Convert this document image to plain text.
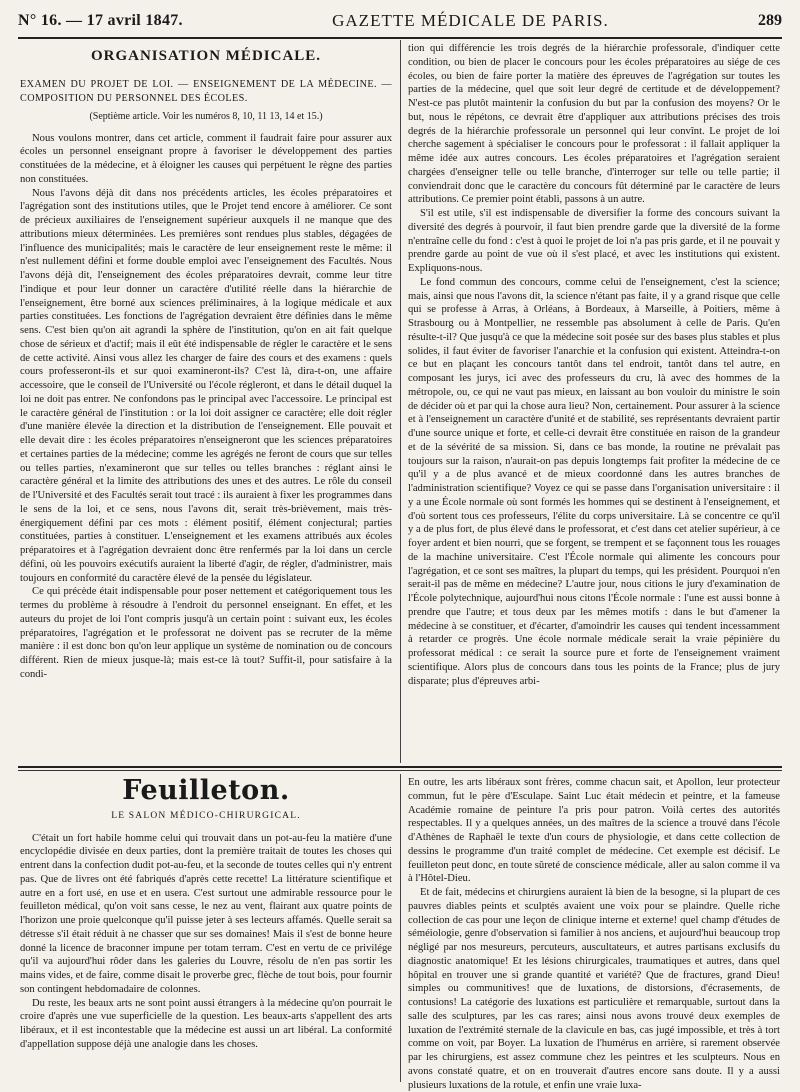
N° 16. — 17 avril 1847.	GAZETTE MÉDICALE DE PARIS.	289
ORGANISATION MÉDICALE.
EXAMEN DU PROJET DE LOI. — ENSEIGNEMENT DE LA MÉDECINE. — COMPOSITION DU PERSONNEL DES ÉCOLES.
(Septième article. Voir les numéros 8, 10, 11 13, 14 et 15.)

Nous voulons montrer, dans cet article, comment il faudrait faire pour assurer aux écoles un personnel enseignant propre à favoriser le développement des parties constituées de la médecine, et à éloigner les causes qui perpétuent le règne des parties non constituées.

Nous l'avons déjà dit dans nos précédents articles, les écoles préparatoires et l'agrégation sont des institutions utiles, que le Projet tend encore à améliorer. Ce sont de précieux auxiliaires de l'enseignement supérieur auxquels il ne manque que des attributions mieux déterminées. Les premières sont rendues plus stables, dégagées de l'influence des municipalités; mais le caractère de leur enseignement reste le même: il n'est nullement défini et forme double emploi avec l'enseignement des Facultés. Nous l'avons déjà dit, l'enseignement des écoles préparatoires devrait, comme leur titre l'indique et pour leur donner un caractère d'utilité réelle dans la hiérarchie de l'enseignement, être borné aux sciences préliminaires, à la logique médicale et aux parties constituées. Les fonctions de l'agrégation devraient être définies dans le même sens. C'est bien qu'on ait agrandi la sphère de l'institution, qu'on en ait fait quelque chose de sérieux et d'actif; mais il eût été indispensable de régler le caractère et le sens de cette activité. Ainsi vous allez les charger de faire des cours et des examens : quels cours professeront-ils et sur quoi examineront-ils? C'est là, dira-t-on, une affaire accessoire, que le conseil de l'Université ou l'école régleront, et dans le détail duquel la loi ne doit pas entrer. Ne confondons pas le principal avec l'accessoire. Le principal est le caractère général de l'institution : or la loi doit assigner ce caractère; elle doit régler d'une manière élevée la direction et la distribution de l'enseignement. Elle pouvait et elle devait dire : les écoles préparatoires n'enseigneront que les sciences préparatoires et certaines parties de la médecine; comme les agrégés ne feront de cours que sur telles ou telles parties, n'examineront que sur telles ou telles branches : réglant ainsi le caractère général et la limite des attributions des unes et des autres. Le rôle du conseil de l'Université et des Facultés serait tout tracé : ils auraient à fixer les programmes dans le sens de la loi, et ce sens, nous l'avons dit, serait très-brièvement, mais très-énergiquement défini par ces mots : élément positif, élément conjectural; parties constituées, parties à constituer. L'enseignement et les examens attribués aux écoles préparatoires et à l'agrégation devraient donc être renfermés par la loi dans un cercle défini, où les pouvoirs exécutifs auraient la liberté d'agir, de régler, d'administrer, mais toujours en conformité du caractère élevé de la pensée du législateur.

Ce qui précède était indispensable pour poser nettement et catégoriquement tous les termes du problème à résoudre à l'endroit du personnel enseignant. En effet, et les auteurs du projet de loi l'ont compris jusqu'à un certain point : suivant eux, les écoles préparatoires, l'agrégation et le professorat ne doivent pas se recruter de la même manière : il est donc bon qu'on leur applique un système de nomination ou de concours différent. Rien de mieux jusque-là; mais est-ce là tout? Suffit-il, pour satisfaire à la condi-

tion qui différencie les trois degrés de la hiérarchie professorale, d'indiquer cette condition, ou bien de placer le concours pour les écoles préparatoires au siége de ces écoles, ou bien de faire porter la matière des épreuves de l'agrégation sur toutes les parties de la médecine, quel que soit leur degré de certitude et de développement? N'est-ce pas plutôt maintenir la confusion du but par la confusion des moyens? Or le but, nous le répétons, ce devrait être d'appliquer aux attributions précises des trois degrés de la hiérarchie professorale un personnel qui leur convînt. Le projet de loi cherche sagement à spécialiser le concours pour le professorat : il fallait appliquer la même idée aux autres concours. Les écoles préparatoires et l'agrégation seraient chargées d'enseigner telle ou telle branche, d'interroger sur telle ou telle partie; il conviendrait donc que le caractère du concours fût déterminé par le caractère de leurs attributions. Ce premier point établi, passons à un autre.

S'il est utile, s'il est indispensable de diversifier la forme des concours suivant la diversité des degrés à pourvoir, il faut bien prendre garde que la diversité de la forme n'entraîne celle du fond : c'est à quoi le projet de loi n'a pas pris garde, et il ne pouvait y prendre garde au point de vue où il s'est placé, et avec les institutions qui existent. Expliquons-nous.

Le fond commun des concours, comme celui de l'enseignement, c'est la science; mais, ainsi que nous l'avons dit, la science n'étant pas faite, il y a grand risque que celle qui se professe à Arras, à Orléans, à Bordeaux, à Marseille, à Poitiers, même à Strasbourg ou à Montpellier, ne ressemble pas absolument à celle de Paris. Qu'en résulte-t-il? Que jusqu'à ce que la médecine soit posée sur des bases plus stables et plus solides, il faut éviter de favoriser l'anarchie et la confusion qui existent. Atteindra-t-on ce but en plaçant les concours tantôt dans tel endroit, tantôt dans tel autre, en composant les jurys, ici avec des professeurs du cru, là avec des hommes de la métropole, ou, ce qui ne vaut pas mieux, en laissant au bon vouloir du ministre le soin de décider où et par qui la chose aura lieu? Non, certainement. Pour assurer à la science et à l'enseignement un caractère d'unité et de stabilité, ses représentants devraient partir d'une source unique et forte, et celle-ci devrait être constituée en raison de la grandeur et de la sévérité de sa mission. Si, dans ce bas monde, la routine ne prévalait pas toujours sur la raison, n'aurait-on pas depuis longtemps fait profiter la médecine de ce qu'il y a de plus avancé et de mieux coordonné dans les autres branches de l'administration scientifique? Voyez ce qui se passe dans l'organisation universitaire : il y a une École normale où sont formés les hommes qui se destinent à l'enseignement, et d'où sortent tous ces professeurs, l'élite du corps universitaire. Là se concentre ce qu'il y a de plus fort, de plus élevé dans le professorat, et c'est dans cet atelier supérieur, à ce foyer ardent et bien nourri, que se forgent, se trempent et se façonnent tous les rouages de la machine universitaire. C'est l'École normale qui alimente les concours pour l'agrégation, et ce sont ses maîtres, la plupart du temps, qui les président. Pourquoi n'en serait-il pas de même en médecine? L'autre jour, nous citions le jury d'examination de l'École polytechnique, aujourd'hui nous citons l'École normale : l'une est aussi bonne à prendre que l'autre; et tous deux par les mêmes motifs : dans le but d'amener la médecine à se constituer, et d'écarter, d'amoindrir les causes qui tendent incessamment à retarder ce progrès. Une école normale médicale serait la vraie pépinière du professorat médical : ce serait la source pure et forte de l'enseignement vraiment scientifique. Alors plus de concours dans tous les points de la France; plus de jury disparate; plus d'épreuves arbi-

Feuilleton.
LE SALON MÉDICO-CHIRURGICAL.

C'était un fort habile homme celui qui trouvait dans un pot-au-feu la matière d'une encyclopédie divisée en deux parties, dont la première traitait de toutes les choses qui entrent dans la confection dudit pot-au-feu, et la seconde de toutes celles qui n'y entrent pas. Que de livres ont été fabriqués d'après cette recette! La littérature scientifique et autre en a fort usé, en use et en usera. C'est surtout une admirable ressource pour le feuilleton médical, qu'on voit sans cesse, le nez au vent, flairant aux quatre points de l'horizon une proie quelconque qu'il puisse jeter à ses lecteurs affamés. Quelle serait sa détresse s'il était réduit à ne chasser que sur ses domaines! Mais il s'est de bonne heure donné la licence de braconner impune per totam terram. C'est en vertu de ce privilége qu'il va aujourd'hui rôder dans les galeries du Louvre, résolu de n'en pas sortir les mains vides, et de faire, comme disait le proverbe grec, flèche de tout bois, pour fournir son contingent hebdomadaire de colonnes.

Du reste, les beaux arts ne sont point aussi étrangers à la médecine qu'on pourrait le croire d'après une vue superficielle de la question. Les beaux-arts s'appellent des arts libéraux, et il est incontestable que la médecine est aussi un art libéral. La conformité d'appellation suppose déjà une analogie dans les choses.

En outre, les arts libéraux sont frères, comme chacun sait, et Apollon, leur protecteur commun, fut le père d'Esculape. Saint Luc était médecin et peintre, et la fameuse Académie romaine de peinture l'a pris pour patron. Voilà certes des autorités respectables. Il y a quelques années, un des maîtres de la science a trouvé dans l'école d'Athènes de Raphaël le texte d'un cours de physiologie, et dans cette collection de dessins le programme d'un traité complet de médecine. Cet exemple est décisif. Le feuilleton peut donc, en toute sûreté de conscience médicale, aller au salon comme il va à l'Hôtel-Dieu.

Et de fait, médecins et chirurgiens auraient là bien de la besogne, si la plupart de ces pauvres diables peints et sculptés avaient une voix pour se plaindre. Quelle riche collection de cas pour une leçon de clinique interne et externe! quel champ d'études de séméiologie, genre d'observation si familier à nos anciens, et aujourd'hui beaucoup trop négligé par nos mesureurs, percuteurs, auscultateurs, et autres partisans exclusifs du diagnostic anatomique! Et les lésions chirurgicales, traumatiques et autres, dans quel hôpital en trouver une si grande quantité et variété? Que de fractures, grand Dieu! simples ou communitives! que de luxations, de distorsions, d'écrasements, de contusions! La catégorie des luxations est particulière et remarquable, surtout dans la salle des sculptures, par les cas rares; ainsi nous avons trouvé deux exemples de luxation de l'extrémité sternale de la clavicule en bas, cas jugé impossible, et très à tort comme on voit, par Boyer. La luxation de l'humérus en arrière, si rarement observée par les chirurgiens, est assez commune chez les peintres et les sculpteurs. Nous en avons constaté quatre, et on en trouverait d'autres encore sans doute. Il y a aussi plusieurs luxations de la rotule, et enfin une vraie luxa-
